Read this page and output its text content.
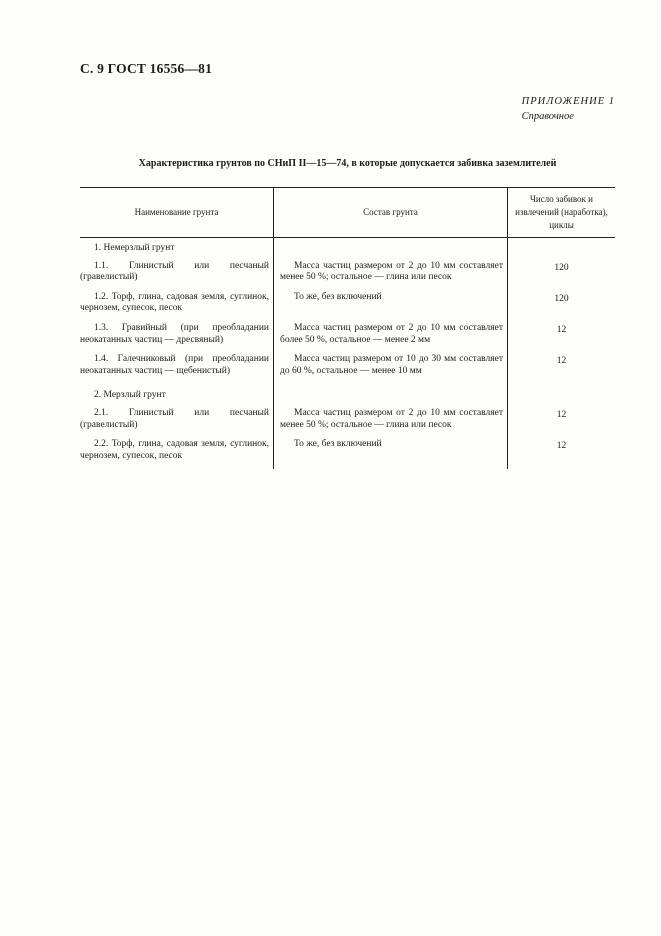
С. 9 ГОСТ 16556—81
ПРИЛОЖЕНИЕ 1
Справочное
Характеристика грунтов по СНиП II—15—74, в которые допускается забивка заземлителей
Наименование грунта	Состав грунта	Число забивок и извлечений (наработка), циклы

1. Немерзлый грунт		

1.1. Глинистый или песчаный (гравелистый)	Масса частиц размером от 2 до 10 мм составляет менее 50 %; остальное — глина или песок	120

1.2. Торф, глина, садовая земля, суглинок, чернозем, супесок, песок	То же, без включений	120

1.3. Гравийный (при преобладании неокатанных частиц — дресвяный)	Масса частиц размером от 2 до 10 мм составляет более 50 %, остальное — менее 2 мм	12

1.4. Галечниковый (при преобладании неокатанных частиц — щебенистый)	Масса частиц размером от 10 до 30 мм составляет до 60 %, остальное — менее 10 мм	12

2. Мерзлый грунт		

2.1. Глинистый или песчаный (гравелистый)	Масса частиц размером от 2 до 10 мм составляет менее 50 %; остальное — глина или песок	12

2.2. Торф, глина, садовая земля, суглинок, чернозем, супесок, песок	То же, без включений	12
